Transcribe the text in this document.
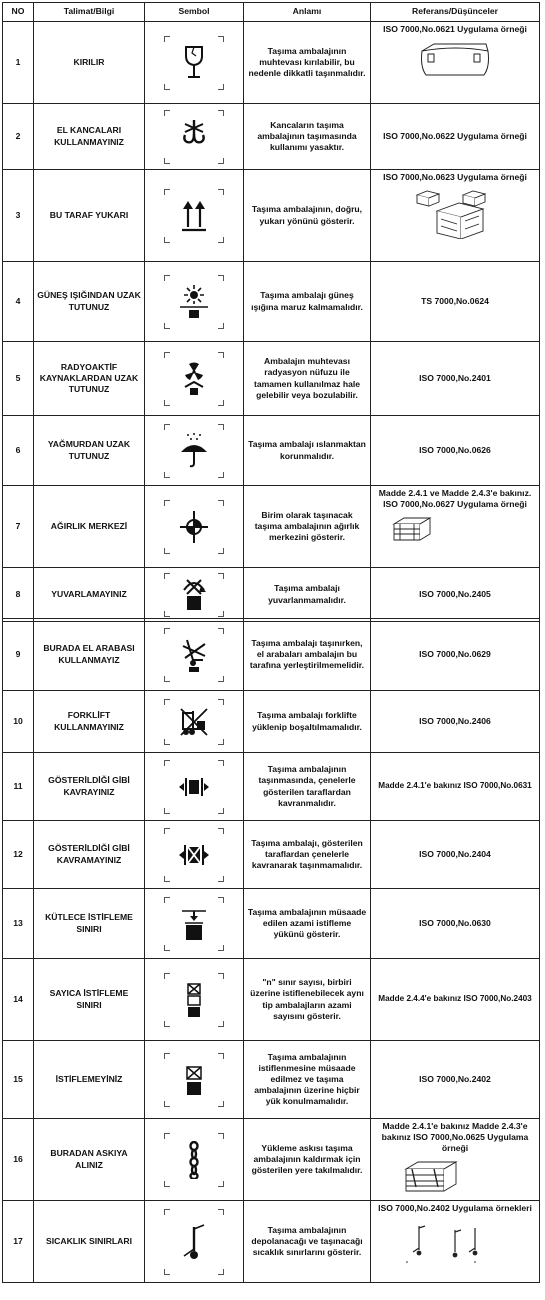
NO	Talimat/Bilgi	Sembol	Anlamı	Referans/Düşünceler
1	KIRILIR		Taşıma ambalajının muhtevası kırılabilir, bu nedenle dikkatli taşınmalıdır.	ISO 7000,No.0621 Uygulama örneği

2	EL KANCALARI KULLANMAYINIZ		Kancaların taşıma ambalajının taşımasında kullanımı yasaktır.	ISO 7000,No.0622 Uygulama örneği
3	BU TARAF YUKARI		Taşıma ambalajının, doğru, yukarı yönünü gösterir.	ISO 7000,No.0623 Uygulama örneği

4	GÜNEŞ IŞIĞINDAN UZAK TUTUNUZ		Taşıma ambalajı güneş ışığına maruz kalmamalıdır.	TS 7000,No.0624
5	RADYOAKTİF KAYNAKLARDAN UZAK TUTUNUZ		Ambalajın muhtevası radyasyon nüfuzu ile tamamen kullanılmaz hale gelebilir veya bozulabilir.	ISO 7000,No.2401
6	YAĞMURDAN UZAK TUTUNUZ		Taşıma ambalajı ıslanmaktan korunmalıdır.	ISO 7000,No.0626
7	AĞIRLIK MERKEZİ		Birim olarak taşınacak taşıma ambalajının ağırlık merkezini gösterir.	Madde 2.4.1 ve Madde 2.4.3'e bakınız. ISO 7000,No.0627 Uygulama örneği

8	YUVARLAMAYINIZ		Taşıma ambalajı yuvarlanmamalıdır.	ISO 7000,No.2405
9	BURADA EL ARABASI KULLANMAYIZ		Taşıma ambalajı taşınırken, el arabaları ambalajın bu tarafına yerleştirilmemelidir.	ISO 7000,No.0629
10	FORKLİFT KULLANMAYINIZ		Taşıma ambalajı forklifte yüklenip boşaltılmamalıdır.	ISO 7000,No.2406
11	GÖSTERİLDİĞİ GİBİ KAVRAYINIZ		Taşıma ambalajının taşınmasında, çenelerle gösterilen taraflardan kavranmalıdır.	Madde 2.4.1'e bakınız ISO 7000,No.0631
12	GÖSTERİLDİĞİ GİBİ KAVRAMAYINIZ		Taşıma ambalajı, gösterilen taraflardan çenelerle kavranarak taşınmamalıdır.	ISO 7000,No.2404
13	KÜTLECE İSTİFLEME SINIRI		Taşıma ambalajının müsaade edilen azami istifleme yükünü gösterir.	ISO 7000,No.0630
14	SAYICA İSTİFLEME SINIRI		"n" sınır sayısı, birbiri üzerine istiflenebilecek aynı tip ambalajların azami sayısını gösterir.	Madde 2.4.4'e bakınız ISO 7000,No.2403
15	İSTİFLEMEYİNİZ		Taşıma ambalajının istiflenmesine müsaade edilmez ve taşıma ambalajının üzerine hiçbir yük konulmamalıdır.	ISO 7000,No.2402
16	BURADAN ASKIYA ALINIZ		Yükleme askısı taşıma ambalajının kaldırmak için gösterilen yere takılmalıdır.	Madde 2.4.1'e bakınız Madde 2.4.3'e bakınız ISO 7000,No.0625 Uygulama örneği

17	SICAKLIK SINIRLARI		Taşıma ambalajının depolanacağı ve taşınacağı sıcaklık sınırlarını gösterir.	ISO 7000,No.2402 Uygulama örnekleri
